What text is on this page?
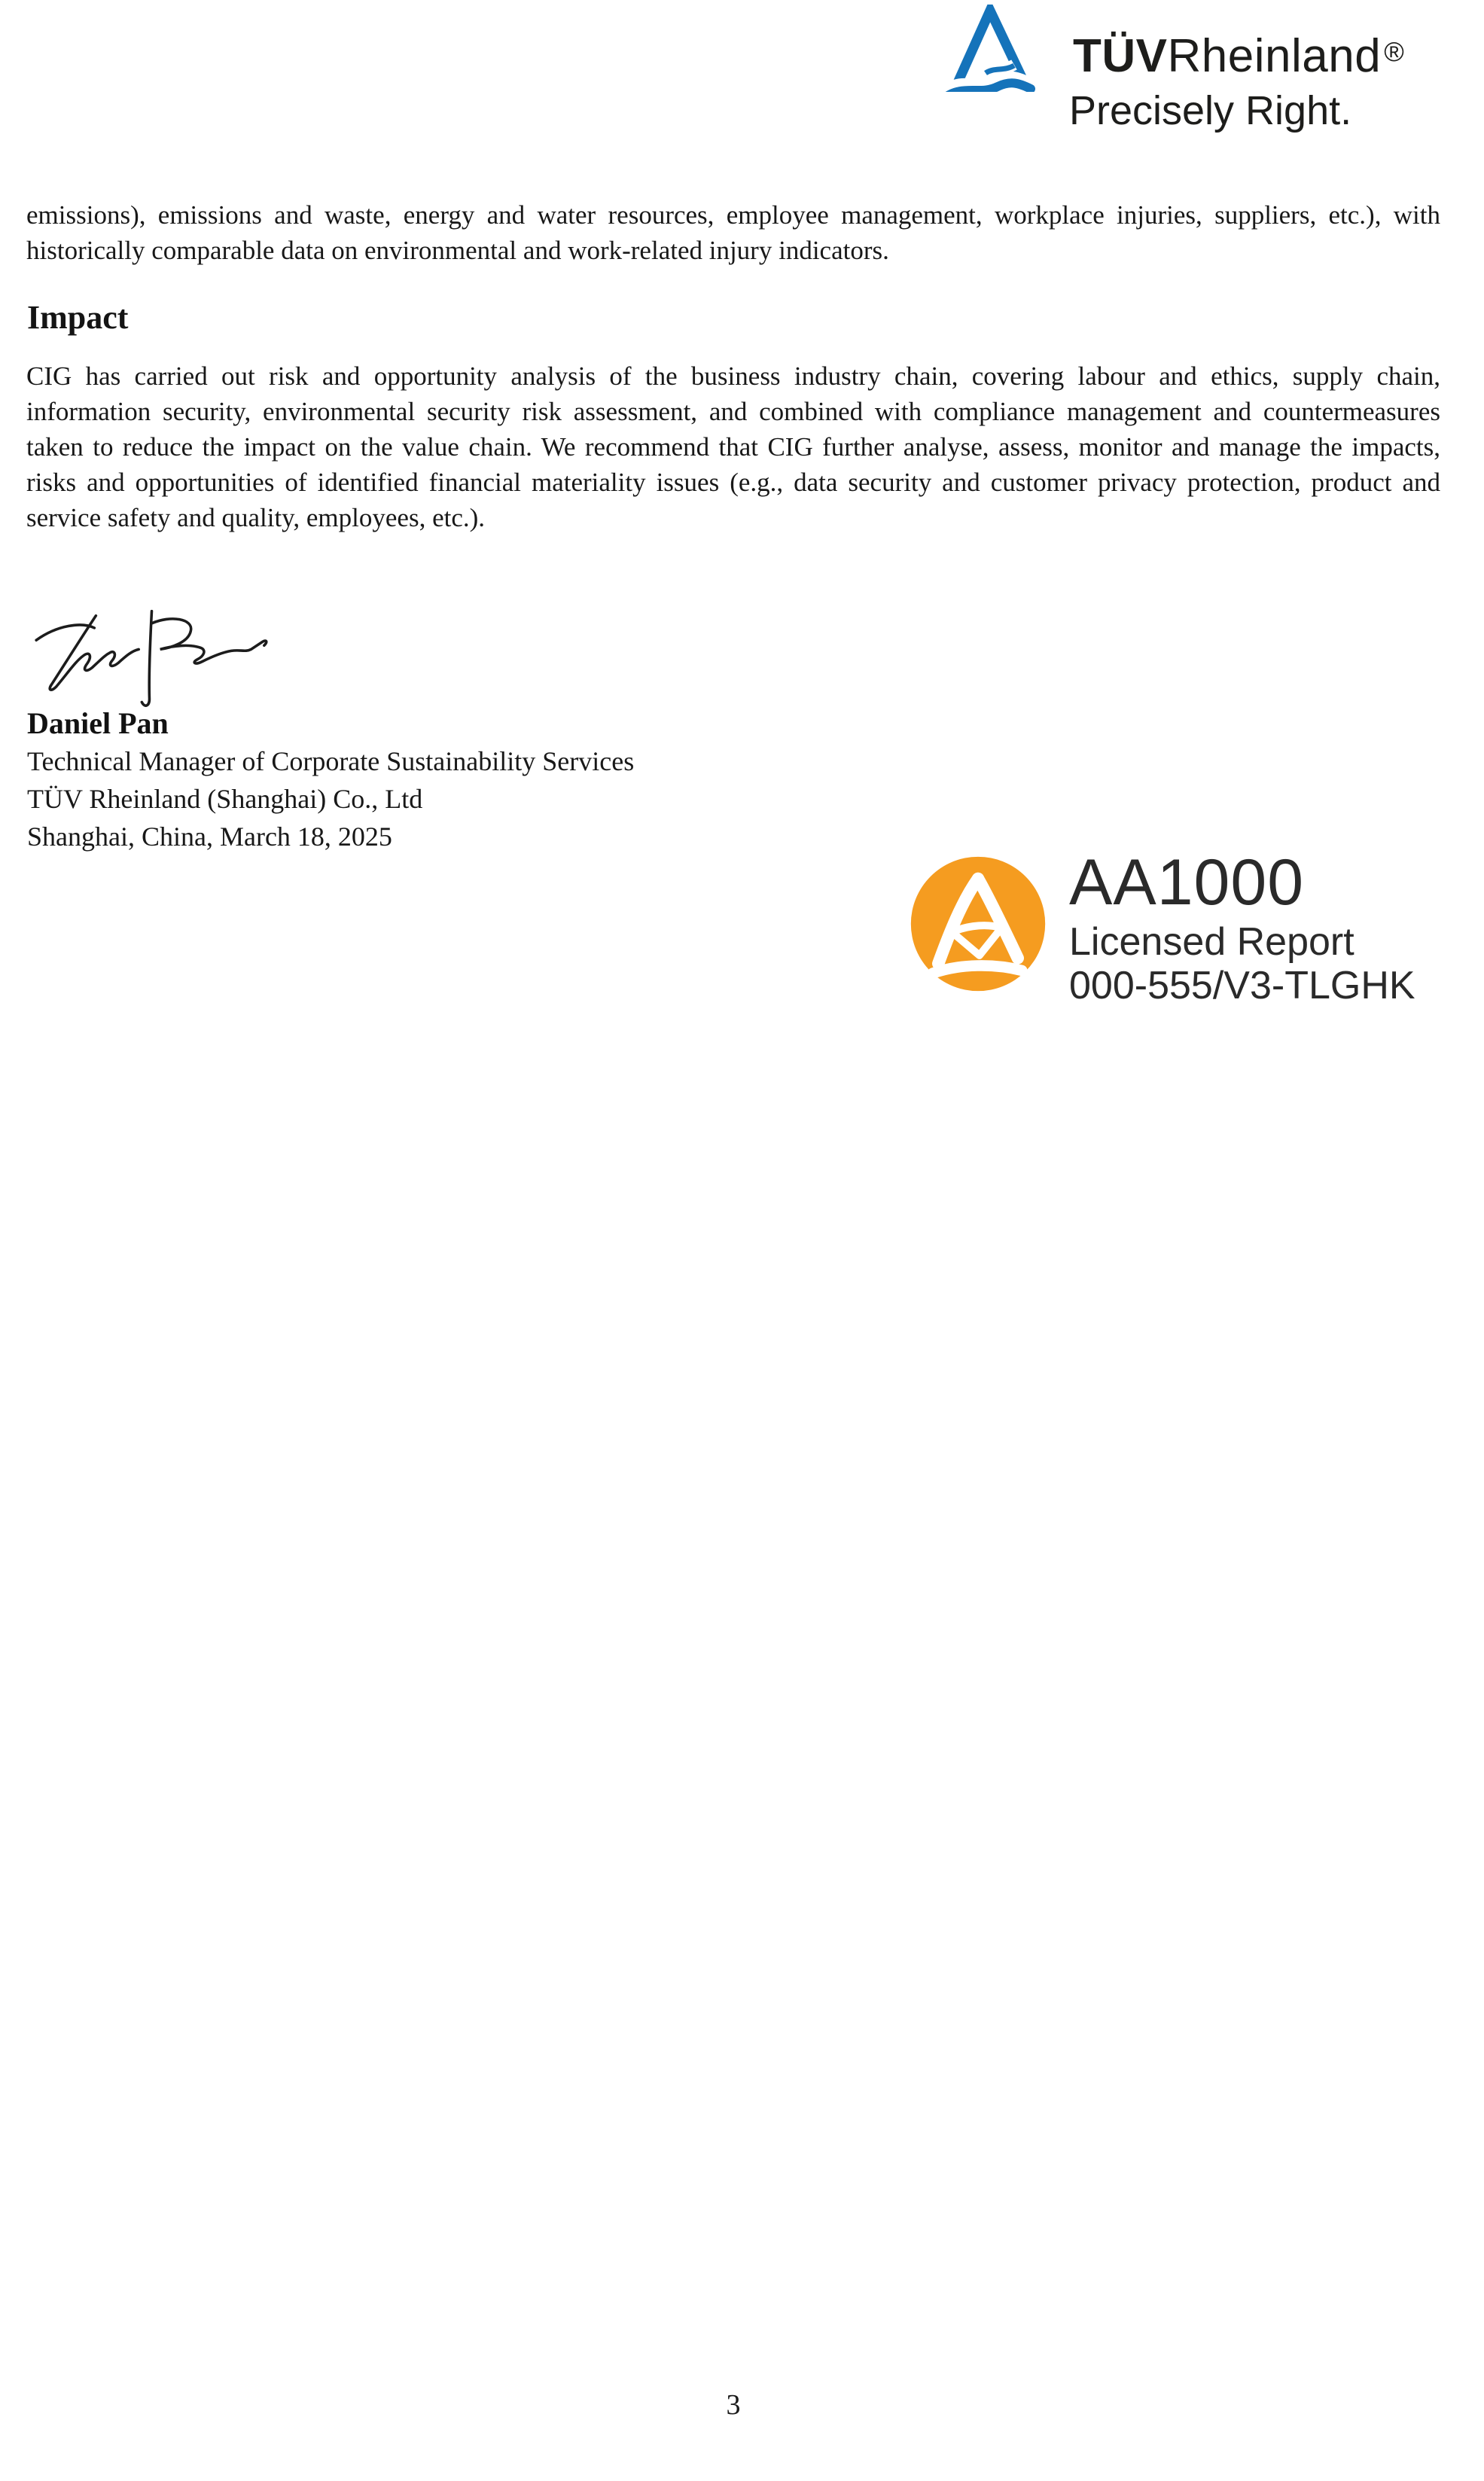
TÜVRheinland ®
Precisely Right.
emissions), emissions and waste, energy and water resources, employee management, workplace injuries, suppliers, etc.), with historically comparable data on environmental and work-related injury indicators.
Impact
CIG has carried out risk and opportunity analysis of the business industry chain, covering labour and ethics, supply chain, information security, environmental security risk assessment, and combined with compliance management and countermeasures taken to reduce the impact on the value chain. We recommend that CIG further analyse, assess, monitor and manage the impacts, risks and opportunities of identified financial materiality issues (e.g., data security and customer privacy protection, product and service safety and quality, employees, etc.).
Daniel Pan
Technical Manager of Corporate Sustainability Services
TÜV Rheinland (Shanghai) Co., Ltd
Shanghai, China, March 18, 2025
AA1000
Licensed Report
000-555/V3-TLGHK
3
